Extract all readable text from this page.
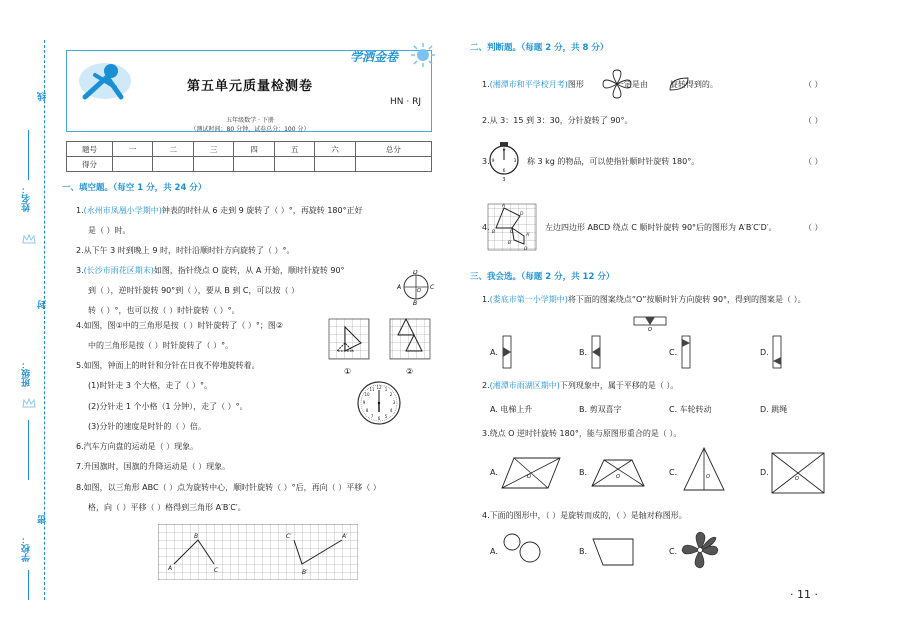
线
姓名：
封
班级：
密
学校：
第五单元质量检测卷
HN · RJ
五年级数学 · 下册
（测试时间：80 分钟，试卷总分：100 分）
学洒金卷
题号	一	二	三	四	五	六	总分
得分							
一、填空题。（每空 1 分，共 24 分）
1.(永州市凤凰小学期中)钟表的时针从 6 走到 9 旋转了（ ）°，再旋转 180°正好
是（ ）时。
2.从下午 3 时到晚上 9 时，时针沿顺时针方向旋转了（ ）°。
3.(长沙市雨花区期末)如图，指针绕点 O 旋转，从 A 开始，顺时针旋转 90°
到（ ），逆时针旋转 90°到（ ），要从 B 到 C，可以按（ ）
转（ ）°，也可以按（ ）时针旋转（ ）°。
A	C
B
D
O
4.如图，图①中的三角形是按（ ）时针旋转了（ ）°；图②
中的三角形是按（ ）时针旋转了（ ）°。
①	②
5.如图，钟面上的时针和分针在日夜不停地旋转着。
(1)时针走 3 个大格，走了（ ）°。
(2)分针走 1 个小格（1 分钟），走了（ ）°。
(3)分针的速度是时针的（ ）倍。
12 1
2
3
4
5
6
7
8
9
10
11
6.汽车方向盘的运动是（ ）现象。
7.升国旗时，国旗的升降运动是（ ）现象。
8.如图，以三角形 ABC（ ）点为旋转中心，顺时针旋转（ ）°后，再向（ ）平移（ ）
格，向（ ）平移（ ）格得到三角形 A′B′C′。
A
B
C
C′
B′
A′
二、判断题。（每题 2 分，共 8 分）
1.(湘潭市和平学校月考)图形	一定是由	旋转得到的。	（ ）
2.从 3：15 到 3：30，分针旋转了 90°。	（ ）
0
3
6
9
3
3.	称 3 kg 的物品，可以使指针顺时针旋转 180°。	（ ）
A
B	C
D
A′
D′
B′
4.	左边四边形 ABCD 绕点 C 顺时针旋转 90°后的图形为 A′B′C′D′。	（ ）
三、我会选。（每题 2 分，共 12 分）
1.(娄底市第一小学期中)将下面的图案绕点“O”按顺时针方向旋转 90°，得到的图案是（ ）。
O
A.	B.	C.	D.
2.(湘潭市雨湖区期中)下列现象中，属于平移的是（ ）。
A. 电梯上升	B. 剪双喜字	C. 车轮转动	D. 跳绳
3.绕点 O 逆时针旋转 180°，能与原图形重合的是（ ）。
A.	O	B.	O	C.	O	D.
O
4.下面的图形中，（ ）是旋转而成的，（ ）是轴对称图形。
A.	B.	C.
· 11 ·
